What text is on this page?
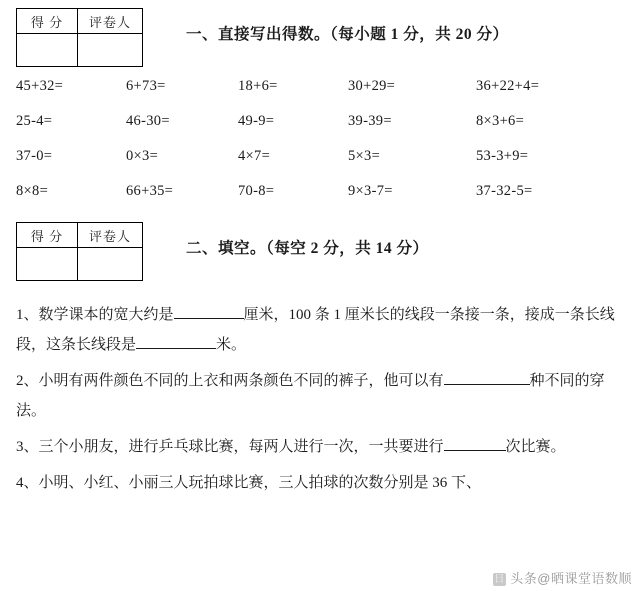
得 分	评卷人

一、直接写出得数。（每小题 1 分，共 20 分）
45+32=	6+73=	18+6=	30+29=	36+22+4=
25-4=	46-30=	49-9=	39-39=	8×3+6=
37-0=	0×3=	4×7=	5×3=	53-3+9=
8×8=	66+35=	70-8=	9×3-7=	37-32-5=
得 分	评卷人

二、填空。（每空 2 分，共 14 分）
1、数学课本的宽大约是	厘米，100 条 1 厘米长的线段一条接一条，接成一条长线段，这条长线段是	米。
2、小明有两件颜色不同的上衣和两条颜色不同的裤子，他可以有	种不同的穿法。
3、三个小朋友，进行乒乓球比赛，每两人进行一次，一共要进行	次比赛。
4、小明、小红、小丽三人玩拍球比赛，三人拍球的次数分别是 36 下、
日 头条@晒课堂语数顺
